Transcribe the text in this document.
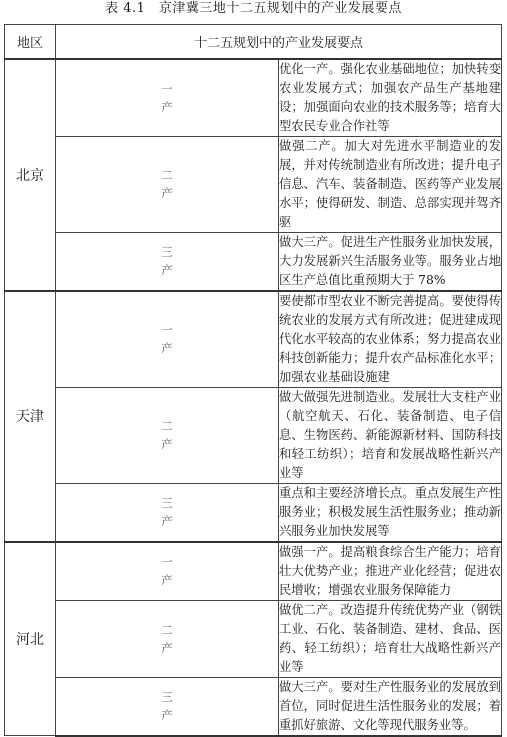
表 4.1　京津冀三地十二五规划中的产业发展要点
地区	十二五规划中的产业发展要点	
北京	一产	优化一产。强化农业基础地位；加快转变农业发展方式；加强农产品生产基地建设；加强面向农业的技术服务等；培育大型农民专业合作社等

	二产	做强二产。加大对先进水平制造业的发展，并对传统制造业有所改进；提升电子信息、汽车、装备制造、医药等产业发展水平；使得研发、制造、总部实现并驾齐驱

	三产	做大三产。促进生产性服务业加快发展，大力发展新兴生活服务业等。服务业占地区生产总值比重预期大于 78%
天津	一产	要使都市型农业不断完善提高。要使得传统农业的发展方式有所改进；促进建成现代化水平较高的农业体系；努力提高农业科技创新能力；提升农产品标准化水平；加强农业基础设施建

	二产	做大做强先进制造业。发展壮大支柱产业（航空航天、石化、装备制造、电子信息、生物医药、新能源新材料、国防科技和轻工纺织）；培育和发展战略性新兴产业等

	三产	重点和主要经济增长点。重点发展生产性服务业；积极发展生活性服务业；推动新兴服务业加快发展等
河北	一产	做强一产。提高粮食综合生产能力；培育壮大优势产业；推进产业化经营；促进农民增收；增强农业服务保障能力

	二产	做优二产。改造提升传统优势产业（钢铁工业、石化、装备制造、建材、食品、医药、轻工纺织）；培育壮大战略性新兴产业等

	三产	做大三产。要对生产性服务业的发展放到首位，同时促进生活性服务业的发展；着重抓好旅游、文化等现代服务业等。
